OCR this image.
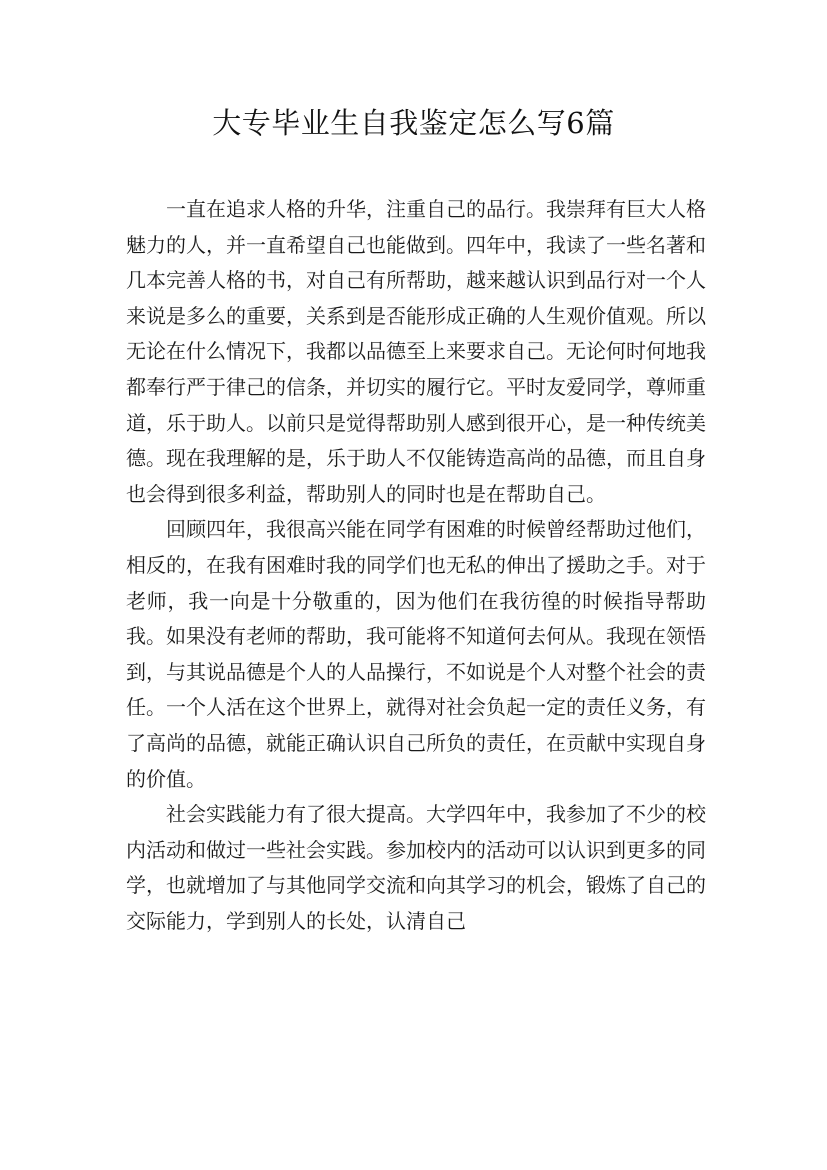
大专毕业生自我鉴定怎么写6篇

一直在追求人格的升华，注重自己的品行。我崇拜有巨大人格魅力的人，并一直希望自己也能做到。四年中，我读了一些名著和几本完善人格的书，对自己有所帮助，越来越认识到品行对一个人来说是多么的重要，关系到是否能形成正确的人生观价值观。所以无论在什么情况下，我都以品德至上来要求自己。无论何时何地我都奉行严于律己的信条，并切实的履行它。平时友爱同学，尊师重道，乐于助人。以前只是觉得帮助别人感到很开心，是一种传统美德。现在我理解的是，乐于助人不仅能铸造高尚的品德，而且自身也会得到很多利益，帮助别人的同时也是在帮助自己。

回顾四年，我很高兴能在同学有困难的时候曾经帮助过他们，相反的，在我有困难时我的同学们也无私的伸出了援助之手。对于老师，我一向是十分敬重的，因为他们在我彷徨的时候指导帮助我。如果没有老师的帮助，我可能将不知道何去何从。我现在领悟到，与其说品德是个人的人品操行，不如说是个人对整个社会的责任。一个人活在这个世界上，就得对社会负起一定的责任义务，有了高尚的品德，就能正确认识自己所负的责任，在贡献中实现自身的价值。

社会实践能力有了很大提高。大学四年中，我参加了不少的校内活动和做过一些社会实践。参加校内的活动可以认识到更多的同学，也就增加了与其他同学交流和向其学习的机会，锻炼了自己的交际能力，学到别人的长处，认清自己
